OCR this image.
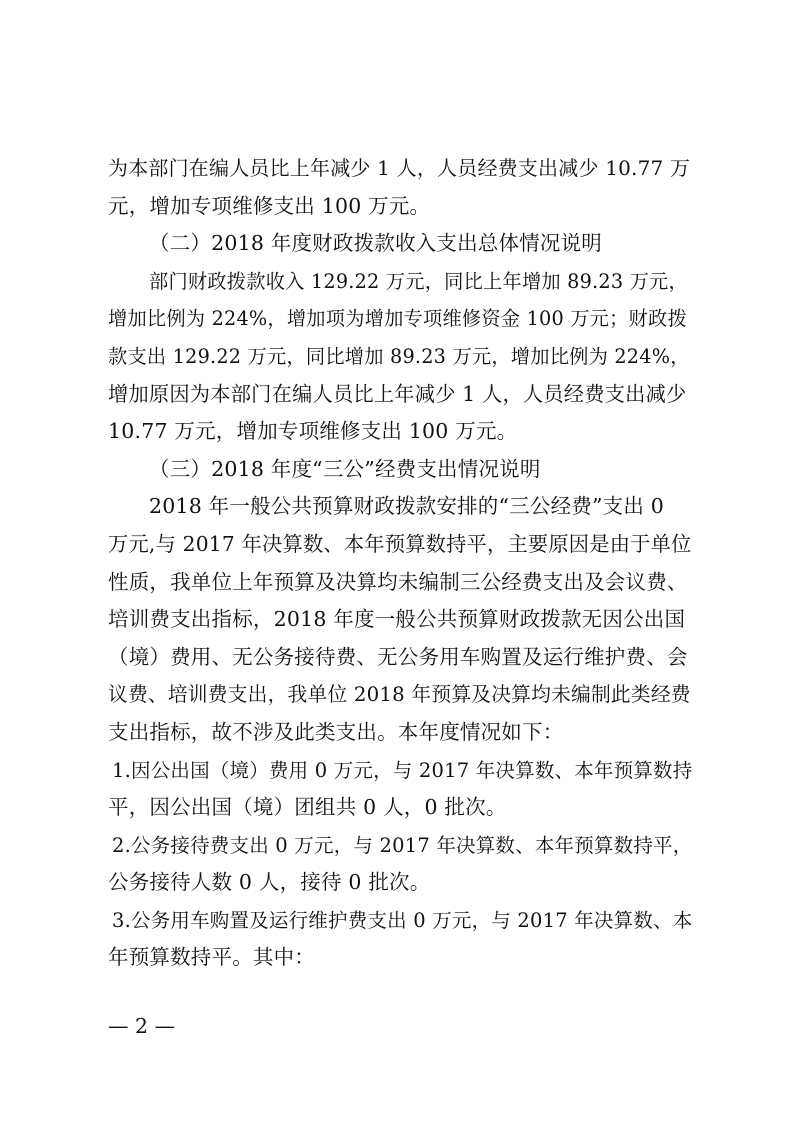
为本部门在编人员比上年减少 1 人，人员经费支出减少 10.77 万
元，增加专项维修支出 100 万元。
（二）2018 年度财政拨款收入支出总体情况说明
部门财政拨款收入 129.22 万元，同比上年增加 89.23 万元，
增加比例为 224%，增加项为增加专项维修资金 100 万元；财政拨
款支出 129.22 万元，同比增加 89.23 万元，增加比例为 224%，
增加原因为本部门在编人员比上年减少 1 人，人员经费支出减少
10.77 万元，增加专项维修支出 100 万元。
（三）2018 年度“三公”经费支出情况说明
2018 年一般公共预算财政拨款安排的“三公经费”支出 0
万元,与 2017 年决算数、本年预算数持平，主要原因是由于单位
性质，我单位上年预算及决算均未编制三公经费支出及会议费、
培训费支出指标，2018 年度一般公共预算财政拨款无因公出国
（境）费用、无公务接待费、无公务用车购置及运行维护费、会
议费、培训费支出，我单位 2018 年预算及决算均未编制此类经费
支出指标，故不涉及此类支出。本年度情况如下：
1.因公出国（境）费用 0 万元，与 2017 年决算数、本年预算数持
平，因公出国（境）团组共 0 人，0 批次。
2.公务接待费支出 0 万元，与 2017 年决算数、本年预算数持平，
公务接待人数 0 人，接待 0 批次。
3.公务用车购置及运行维护费支出 0 万元，与 2017 年决算数、本
年预算数持平。其中：
— 2 —
